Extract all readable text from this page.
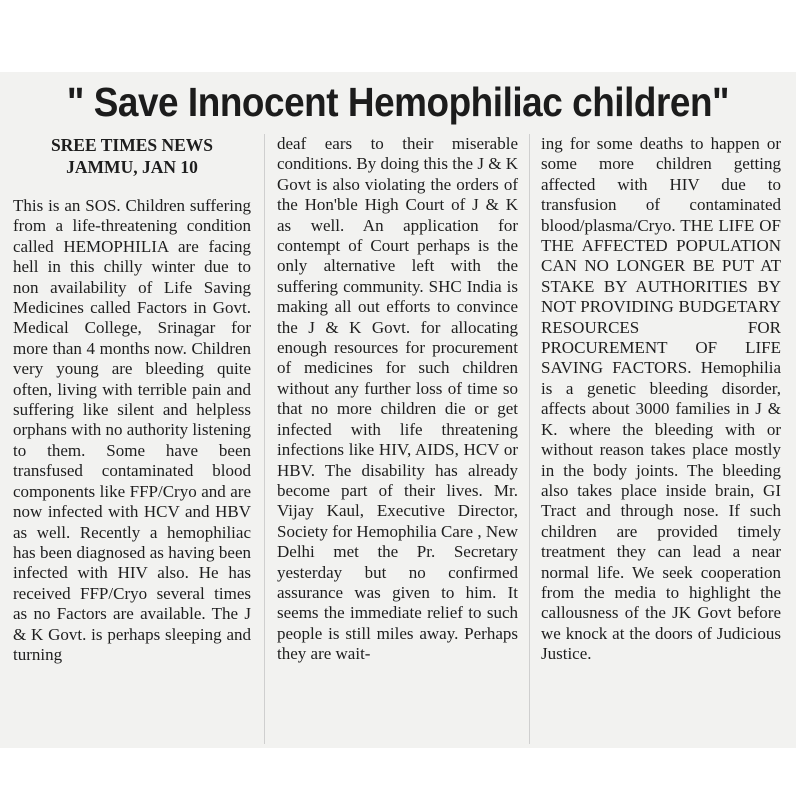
" Save Innocent Hemophiliac children"

SREE TIMES NEWS

JAMMU, JAN 10

This is an SOS. Children suffering from a life-threatening condition called HEMOPHILIA are facing hell in this chilly winter due to non availability of Life Saving Medicines called Factors in Govt. Medical College, Srinagar for more than 4 months now. Children very young are bleeding quite often, living with terrible pain and suffering like silent and helpless orphans with no authority listening to them. Some have been transfused contaminated blood components like FFP/Cryo and are now infected with HCV and HBV as well. Recently a hemophiliac has been diagnosed as having been infected with HIV also. He has received FFP/Cryo several times as no Factors are available. The J & K Govt. is perhaps sleeping and turning

deaf ears to their miserable conditions. By doing this the J & K Govt is also violating the orders of the Hon'ble High Court of J & K as well. An application for contempt of Court perhaps is the only alternative left with the suffering community. SHC India is making all out efforts to convince the J & K Govt. for allocating enough resources for procurement of medicines for such children without any further loss of time so that no more children die or get infected with life threatening infections like HIV, AIDS, HCV or HBV. The disability has already become part of their lives. Mr. Vijay Kaul, Executive Director, Society for Hemophilia Care , New Delhi met the Pr. Secretary yesterday but no confirmed assurance was given to him. It seems the immediate relief to such people is still miles away. Perhaps they are wait-

ing for some deaths to happen or some more children getting affected with HIV due to transfusion of contaminated blood/plasma/Cryo. THE LIFE OF THE AFFECTED POPULATION CAN NO LONGER BE PUT AT STAKE BY AUTHORITIES BY NOT PROVIDING BUDGETARY RESOURCES FOR PROCUREMENT OF LIFE SAVING FACTORS. Hemophilia is a genetic bleeding disorder, affects about 3000 families in J & K. where the bleeding with or without reason takes place mostly in the body joints. The bleeding also takes place inside brain, GI Tract and through nose. If such children are provided timely treatment they can lead a near normal life. We seek cooperation from the media to highlight the callousness of the JK Govt before we knock at the doors of Judicious Justice.
